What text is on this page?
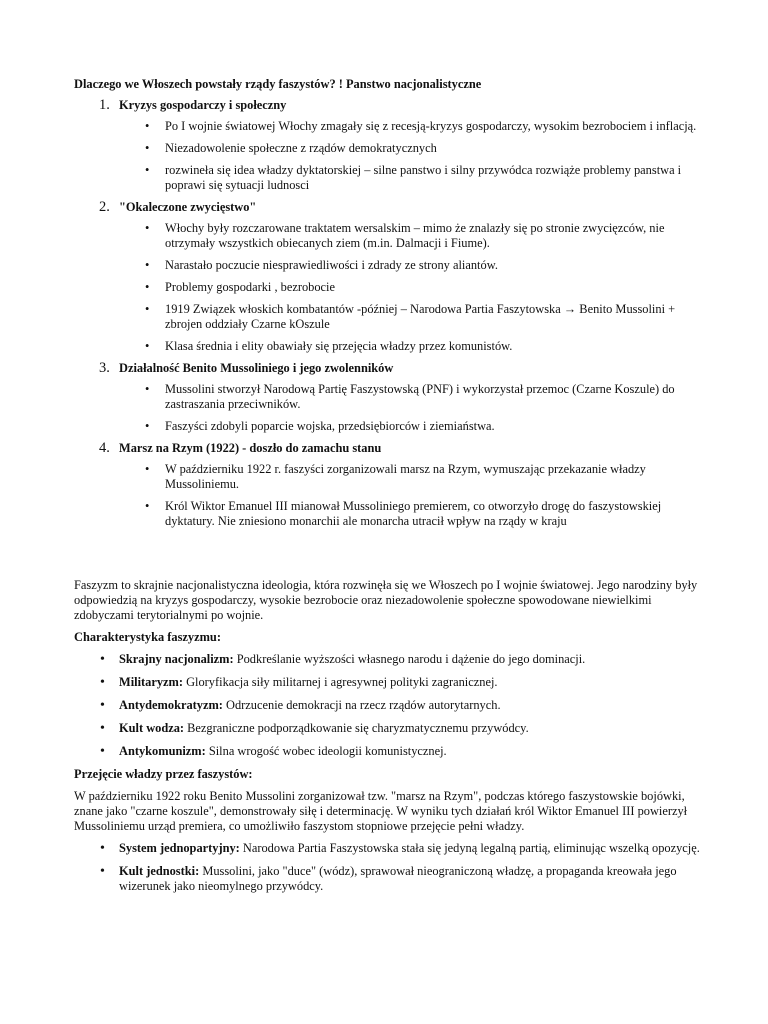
Dlaczego we Włoszech powstały rządy faszystów? ! Panstwo nacjonalistyczne
1. Kryzys gospodarczy i społeczny
• Po I wojnie światowej Włochy zmagały się z recesją-kryzys gospodarczy, wysokim bezrobociem i inflacją.
• Niezadowolenie społeczne z rządów demokratycznych
• rozwineła się idea władzy dyktatorskiej – silne panstwo i silny przywódca rozwiąże problemy panstwa i poprawi się sytuacji ludnosci
2. "Okaleczone zwycięstwo"
• Włochy były rozczarowane traktatem wersalskim – mimo że znalazły się po stronie zwycięzców, nie otrzymały wszystkich obiecanych ziem (m.in. Dalmacji i Fiume).
• Narastało poczucie niesprawiedliwości i zdrady ze strony aliantów.
• Problemy gospodarki , bezrobocie
• 1919 Związek włoskich kombatantów -później – Narodowa Partia Faszytowska → Benito Mussolini + zbrojen oddziały Czarne kOszule
• Klasa średnia i elity obawiały się przejęcia władzy przez komunistów.
3. Działalność Benito Mussoliniego i jego zwolenników
• Mussolini stworzył Narodową Partię Faszystowską (PNF) i wykorzystał przemoc (Czarne Koszule) do zastraszania przeciwników.
• Faszyści zdobyli poparcie wojska, przedsiębiorców i ziemiaństwa.
4. Marsz na Rzym (1922) - doszło do zamachu stanu
• W październiku 1922 r. faszyści zorganizowali marsz na Rzym, wymuszając przekazanie władzy Mussoliniemu.
• Król Wiktor Emanuel III mianował Mussoliniego premierem, co otworzyło drogę do faszystowskiej dyktatury. Nie zniesiono monarchii ale monarcha utracił wpływ na rządy w kraju

Faszyzm to skrajnie nacjonalistyczna ideologia, która rozwinęła się we Włoszech po I wojnie światowej. Jego narodziny były odpowiedzią na kryzys gospodarczy, wysokie bezrobocie oraz niezadowolenie społeczne spowodowane niewielkimi zdobyczami terytorialnymi po wojnie.

Charakterystyka faszyzmu:
• Skrajny nacjonalizm: Podkreślanie wyższości własnego narodu i dążenie do jego dominacji.
• Militaryzm: Gloryfikacja siły militarnej i agresywnej polityki zagranicznej.
• Antydemokratyzm: Odrzucenie demokracji na rzecz rządów autorytarnych.
• Kult wodza: Bezgraniczne podporządkowanie się charyzmatycznemu przywódcy.
• Antykomunizm: Silna wrogość wobec ideologii komunistycznej.
Przejęcie władzy przez faszystów:

W październiku 1922 roku Benito Mussolini zorganizował tzw. "marsz na Rzym", podczas którego faszystowskie bojówki, znane jako "czarne koszule", demonstrowały siłę i determinację. W wyniku tych działań król Wiktor Emanuel III powierzył Mussoliniemu urząd premiera, co umożliwiło faszystom stopniowe przejęcie pełni władzy.

• System jednopartyjny: Narodowa Partia Faszystowska stała się jedyną legalną partią, eliminując wszelką opozycję.
• Kult jednostki: Mussolini, jako "duce" (wódz), sprawował nieograniczoną władzę, a propaganda kreowała jego wizerunek jako nieomylnego przywódcy.
